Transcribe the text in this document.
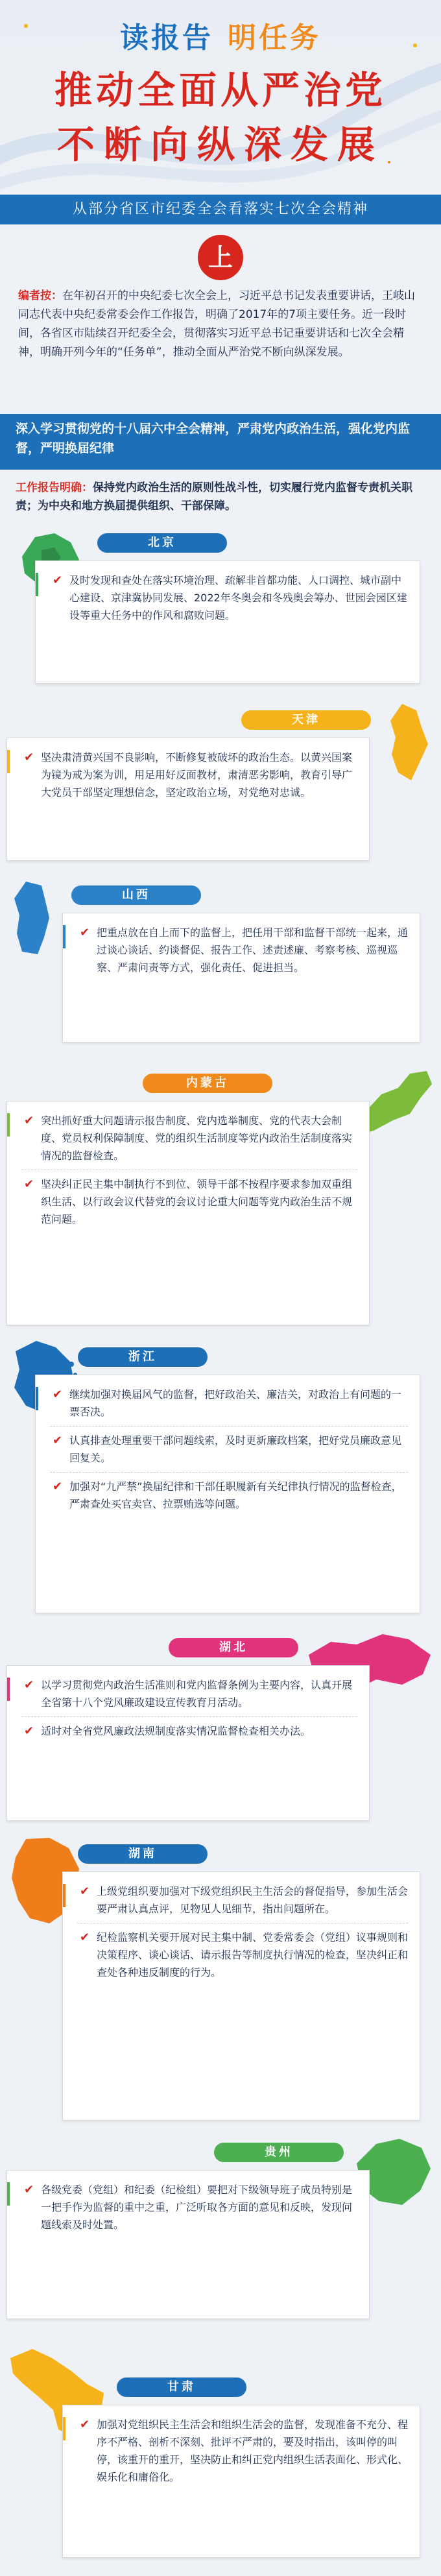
读报告 明任务
推动全面从严治党
不断向纵深发展
从部分省区市纪委全会看落实七次全会精神
上
编者按：在年初召开的中央纪委七次全会上，习近平总书记发表重要讲话，王岐山同志代表中央纪委常委会作工作报告，明确了2017年的7项主要任务。近一段时间，各省区市陆续召开纪委全会，贯彻落实习近平总书记重要讲话和七次全会精神，明确开列今年的“任务单”，推动全面从严治党不断向纵深发展。
深入学习贯彻党的十八届六中全会精神，严肃党内政治生活，强化党内监督，严明换届纪律
工作报告明确：保持党内政治生活的原则性战斗性，切实履行党内监督专责机关职责；为中央和地方换届提供组织、干部保障。
北京
✔ 及时发现和查处在落实环境治理、疏解非首都功能、人口调控、城市副中心建设、京津冀协同发展、2022年冬奥会和冬残奥会筹办、世园会园区建设等重大任务中的作风和腐败问题。
天津
✔ 坚决肃清黄兴国不良影响，不断修复被破坏的政治生态。以黄兴国案为镜为戒为案为训，用足用好反面教材，肃清恶劣影响，教育引导广大党员干部坚定理想信念，坚定政治立场，对党绝对忠诚。
山西
✔ 把重点放在自上而下的监督上，把任用干部和监督干部统一起来，通过谈心谈话、约谈督促、报告工作、述责述廉、考察考核、巡视巡察、严肃问责等方式，强化责任、促进担当。
内蒙古
✔ 突出抓好重大问题请示报告制度、党内选举制度、党的代表大会制度、党员权利保障制度、党的组织生活制度等党内政治生活制度落实情况的监督检查。
✔ 坚决纠正民主集中制执行不到位、领导干部不按程序要求参加双重组织生活、以行政会议代替党的会议讨论重大问题等党内政治生活不规范问题。
浙江
✔ 继续加强对换届风气的监督，把好政治关、廉洁关，对政治上有问题的一票否决。
✔ 认真排查处理重要干部问题线索，及时更新廉政档案，把好党员廉政意见回复关。
✔ 加强对“九严禁”换届纪律和干部任职履新有关纪律执行情况的监督检查，严肃查处买官卖官、拉票贿选等问题。
湖北
✔ 以学习贯彻党内政治生活准则和党内监督条例为主要内容，认真开展全省第十八个党风廉政建设宣传教育月活动。
✔ 适时对全省党风廉政法规制度落实情况监督检查相关办法。
湖南
✔ 上级党组织要加强对下级党组织民主生活会的督促指导，参加生活会要严肃认真点评，见物见人见细节，指出问题所在。
✔ 纪检监察机关要开展对民主集中制、党委常委会（党组）议事规则和决策程序、谈心谈话、请示报告等制度执行情况的检查，坚决纠正和查处各种违反制度的行为。
贵州
✔ 各级党委（党组）和纪委（纪检组）要把对下级领导班子成员特别是一把手作为监督的重中之重，广泛听取各方面的意见和反映，发现问题线索及时处置。
甘肃
✔ 加强对党组织民主生活会和组织生活会的监督，发现准备不充分、程序不严格、剖析不深刻、批评不严肃的，要及时指出，该叫停的叫停，该重开的重开，坚决防止和纠正党内组织生活表面化、形式化、娱乐化和庸俗化。
